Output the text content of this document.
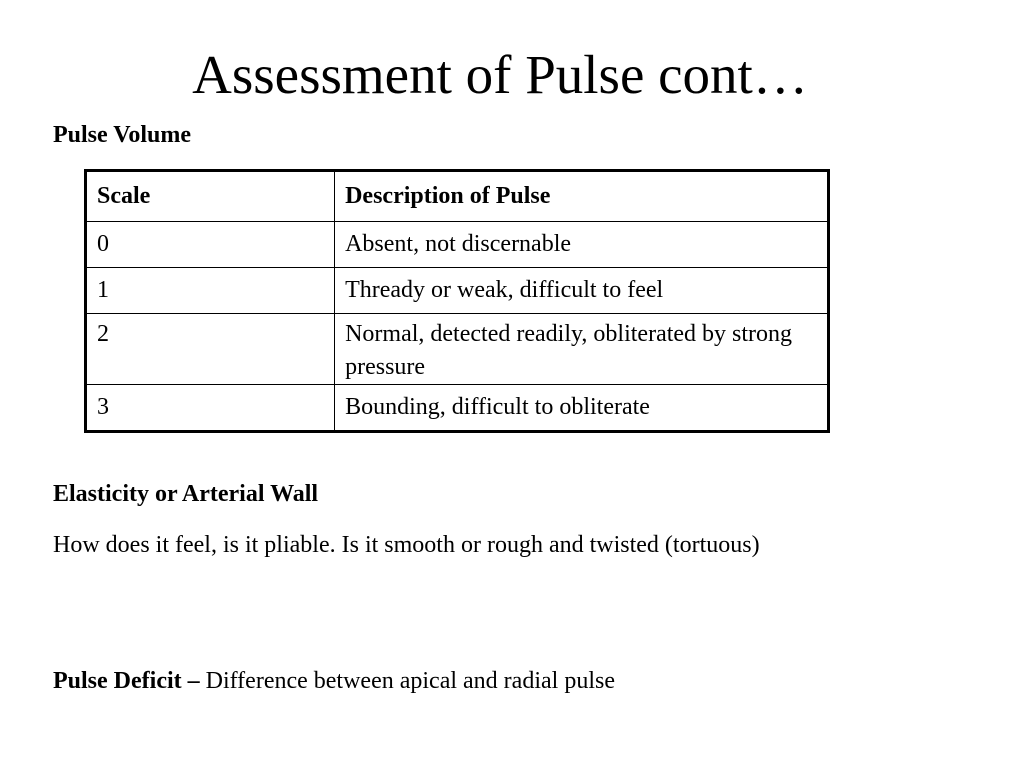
Assessment of Pulse cont…
Pulse Volume
Scale	Description of Pulse
0	Absent, not discernable
1	Thready or weak, difficult to feel
2	Normal, detected readily, obliterated by strong pressure
3	Bounding, difficult to obliterate
Elasticity or Arterial Wall

How does it feel, is it pliable. Is it smooth or rough and twisted (tortuous)

Pulse Deficit – Difference between apical and radial pulse
